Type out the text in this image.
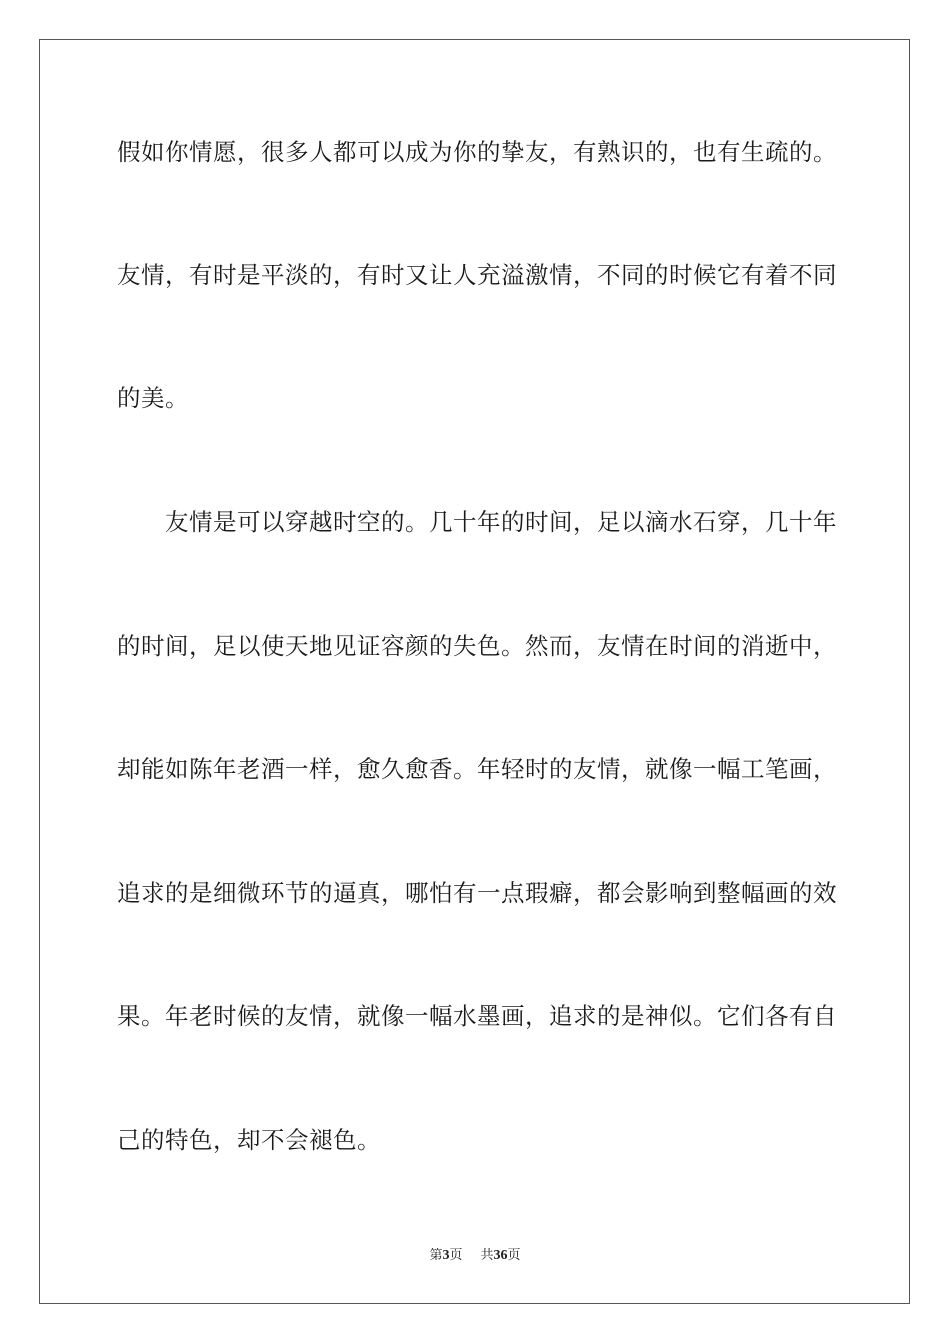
假如你情愿，很多人都可以成为你的挚友，有熟识的，也有生疏的。
友情，有时是平淡的，有时又让人充溢激情，不同的时候它有着不同
的美。
友情是可以穿越时空的。几十年的时间，足以滴水石穿，几十年
的时间，足以使天地见证容颜的失色。然而，友情在时间的消逝中，
却能如陈年老酒一样，愈久愈香。年轻时的友情，就像一幅工笔画，
追求的是细微环节的逼真，哪怕有一点瑕癖，都会影响到整幅画的效
果。年老时候的友情，就像一幅水墨画，追求的是神似。它们各有自
己的特色，却不会褪色。
第3页 共36页
